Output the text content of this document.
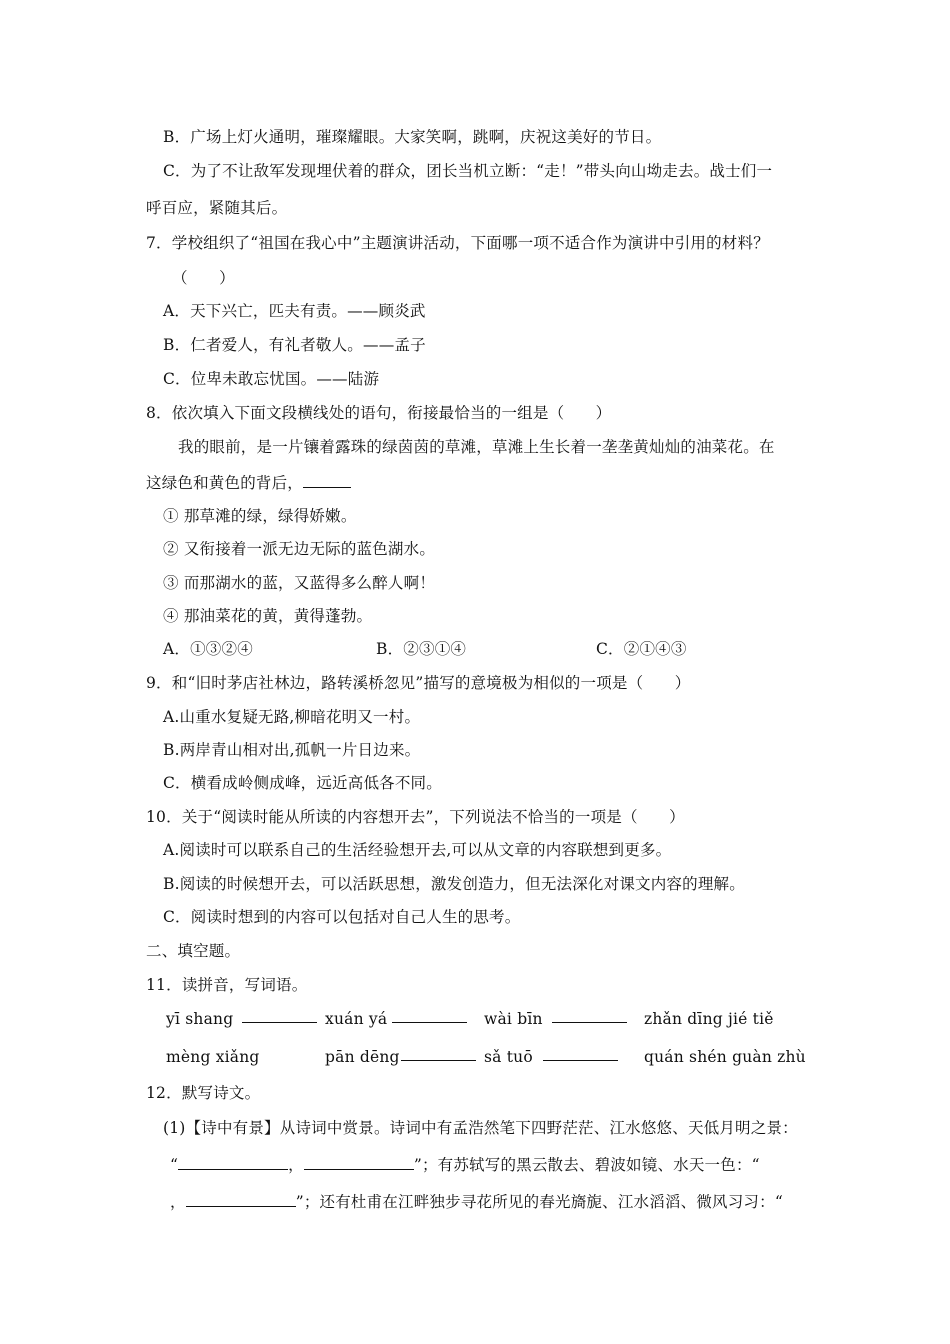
B．广场上灯火通明，璀璨耀眼。大家笑啊，跳啊，庆祝这美好的节日。
C．为了不让敌军发现埋伏着的群众，团长当机立断：“走！”带头向山坳走去。战士们一
呼百应，紧随其后。
7．学校组织了“祖国在我心中”主题演讲活动，下面哪一项不适合作为演讲中引用的材料？
（　　）
A．天下兴亡，匹夫有责。——顾炎武
B．仁者爱人，有礼者敬人。——孟子
C．位卑未敢忘忧国。——陆游
8．依次填入下面文段横线处的语句，衔接最恰当的一组是（　　）
我的眼前，是一片镶着露珠的绿茵茵的草滩，草滩上生长着一垄垄黄灿灿的油菜花。在
这绿色和黄色的背后，
① 那草滩的绿，绿得娇嫩。
② 又衔接着一派无边无际的蓝色湖水。
③ 而那湖水的蓝，又蓝得多么醉人啊！
④ 那油菜花的黄，黄得蓬勃。
A．①③②④	B．②③①④	C．②①④③
9．和“旧时茅店社林边，路转溪桥忽见”描写的意境极为相似的一项是（　　）
A.山重水复疑无路,柳暗花明又一村。
B.两岸青山相对出,孤帆一片日边来。
C．横看成岭侧成峰，远近高低各不同。
10．关于“阅读时能从所读的内容想开去”，下列说法不恰当的一项是（　　）
A.阅读时可以联系自己的生活经验想开去,可以从文章的内容联想到更多。
B.阅读的时候想开去，可以活跃思想，激发创造力，但无法深化对课文内容的理解。
C．阅读时想到的内容可以包括对自己人生的思考。
二、填空题。
11．读拼音，写词语。
yī shang	xuán yá	wài bīn	zhǎn dīng jié tiě
mèng xiǎng	pān dēng	sǎ tuō	quán shén guàn zhù
12．默写诗文。
(1)【诗中有景】从诗词中赏景。诗词中有孟浩然笔下四野茫茫、江水悠悠、天低月明之景：
“	，	”；有苏轼写的黑云散去、碧波如镜、水天一色：“
，	”；还有杜甫在江畔独步寻花所见的春光旖旎、江水滔滔、微风习习：“
